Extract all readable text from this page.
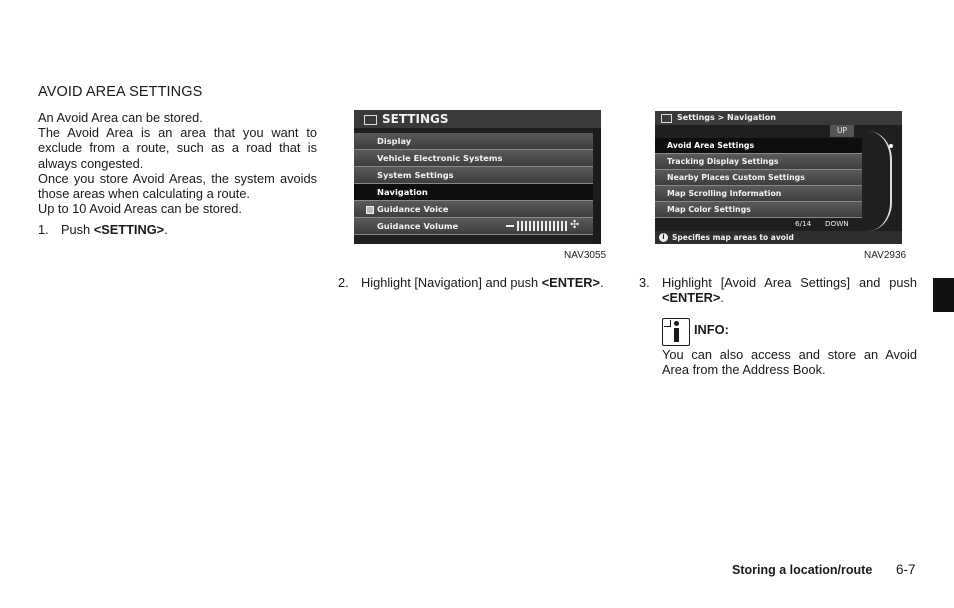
AVOID AREA SETTINGS

An Avoid Area can be stored.

The Avoid Area is an area that you want to exclude from a route, such as a road that is always congested.

Once you store Avoid Areas, the system avoids those areas when calculating a route.

Up to 10 Avoid Areas can be stored.

1. Push <SETTING>.
SETTINGS
Display
Vehicle Electronic Systems
System Settings
Navigation
Guidance Voice
Guidance Volume	✣
NAV3055
Settings > Navigation
UP
Avoid Area Settings
Tracking Display Settings
Nearby Places Custom Settings
Map Scrolling Information
Map Color Settings
6/14 DOWN
i Specifies map areas to avoid
NAV2936
2. Highlight [Navigation] and push <ENTER>.	3. Highlight [Avoid Area Settings] and push <ENTER>.
INFO:
You can also access and store an Avoid Area from the Address Book.
Storing a location/route 6-7
